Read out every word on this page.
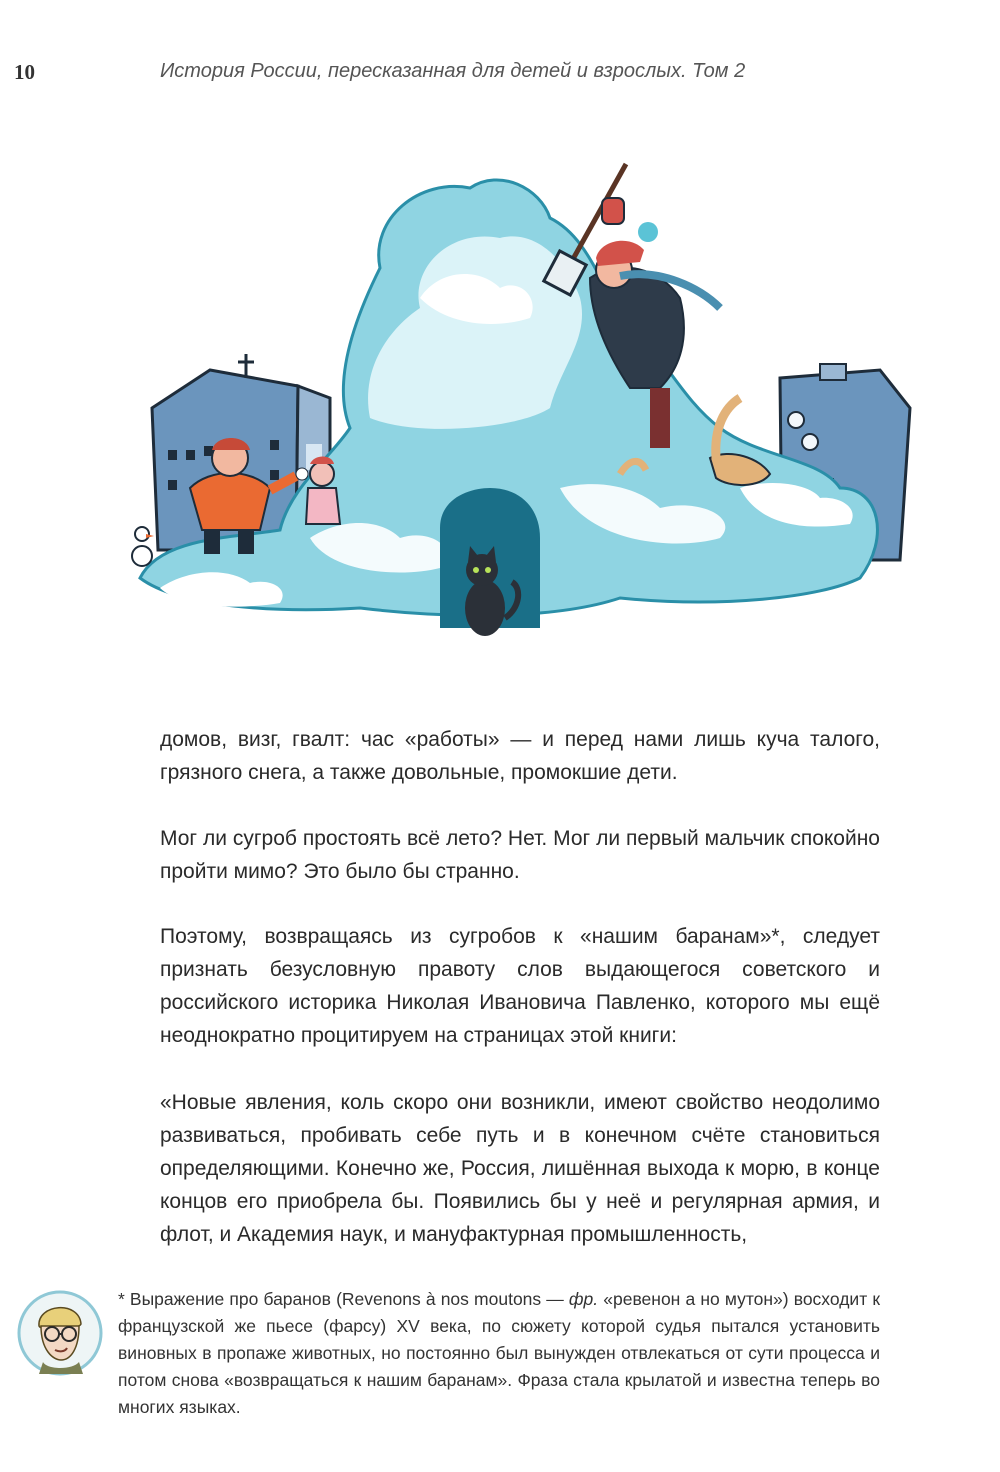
10	История России, пересказанная для детей и взрослых. Том 2

домов, визг, гвалт: час «работы» — и перед нами лишь куча талого, грязного снега, а также довольные, промокшие дети.

Мог ли сугроб простоять всё лето? Нет. Мог ли первый мальчик спокойно пройти мимо? Это было бы странно.

Поэтому, возвращаясь из сугробов к «нашим баранам»*, следует признать безусловную правоту слов выдающегося советского и российского историка Николая Ивановича Павленко, которого мы ещё неоднократно процитируем на страницах этой книги:

«Новые явления, коль скоро они возникли, имеют свойство неодолимо развиваться, пробивать себе путь и в конечном счёте становиться определяющими. Конечно же, Россия, лишённая выхода к морю, в конце концов его приобрела бы. Появились бы у неё и регулярная армия, и флот, и Академия наук, и мануфактурная промышленность,

* Выражение про баранов (Revenons à nos moutons — фр. «ревенон а но мутон») восходит к французской же пьесе (фарсу) XV века, по сюжету которой судья пытался установить виновных в пропаже животных, но постоянно был вынужден отвлекаться от сути процесса и потом снова «возвращаться к нашим баранам». Фраза стала крылатой и известна теперь во многих языках.
